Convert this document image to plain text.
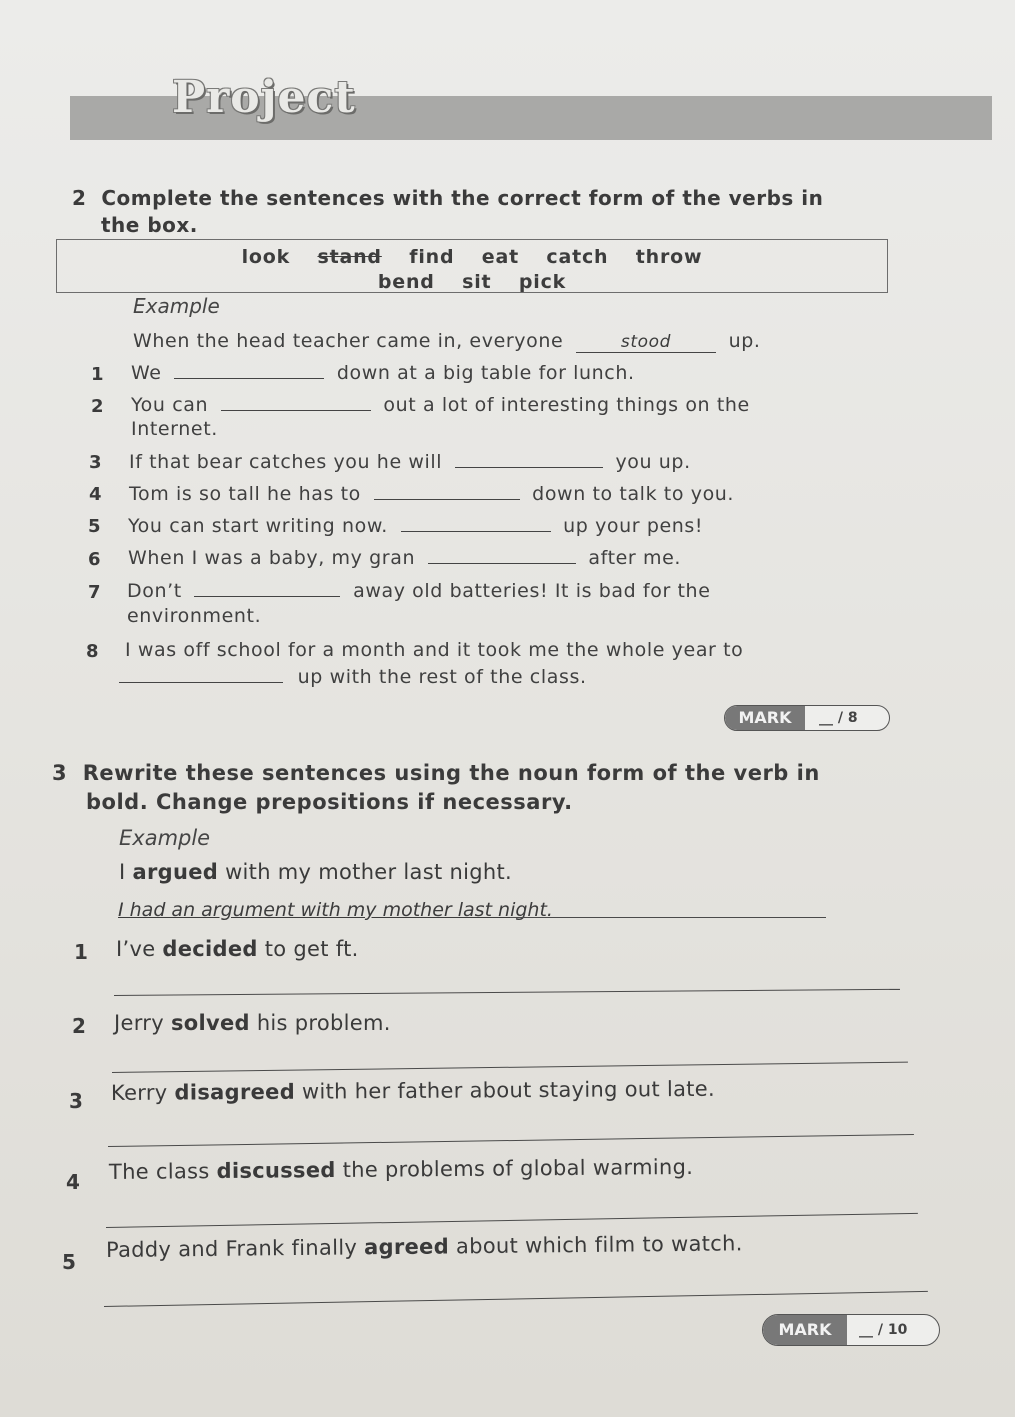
Project
2 Complete the sentences with the correct form of the verbs in
the box.
look stand find eat catch throw
bend sit pick
Example
When the head teacher came in, everyone	stood	up.
1 We	down at a big table for lunch.
2 You can	out a lot of interesting things on the
Internet.
3 If that bear catches you he will	you up.
4 Tom is so tall he has to	down to talk to you.
5 You can start writing now.	up your pens!
6 When I was a baby, my gran	after me.
7 Don’t	away old batteries! It is bad for the
environment.
8 I was off school for a month and it took me the whole year to
up with the rest of the class.
MARK	__ / 8
3 Rewrite these sentences using the noun form of the verb in
bold. Change prepositions if necessary.
Example
I argued with my mother last night.
I had an argument with my mother last night.
1 I’ve decided to get ft.
2 Jerry solved his problem.
3 Kerry disagreed with her father about staying out late.
4 The class discussed the problems of global warming.
5
Paddy and Frank finally agreed about which film to watch.
MARK	__ / 10
